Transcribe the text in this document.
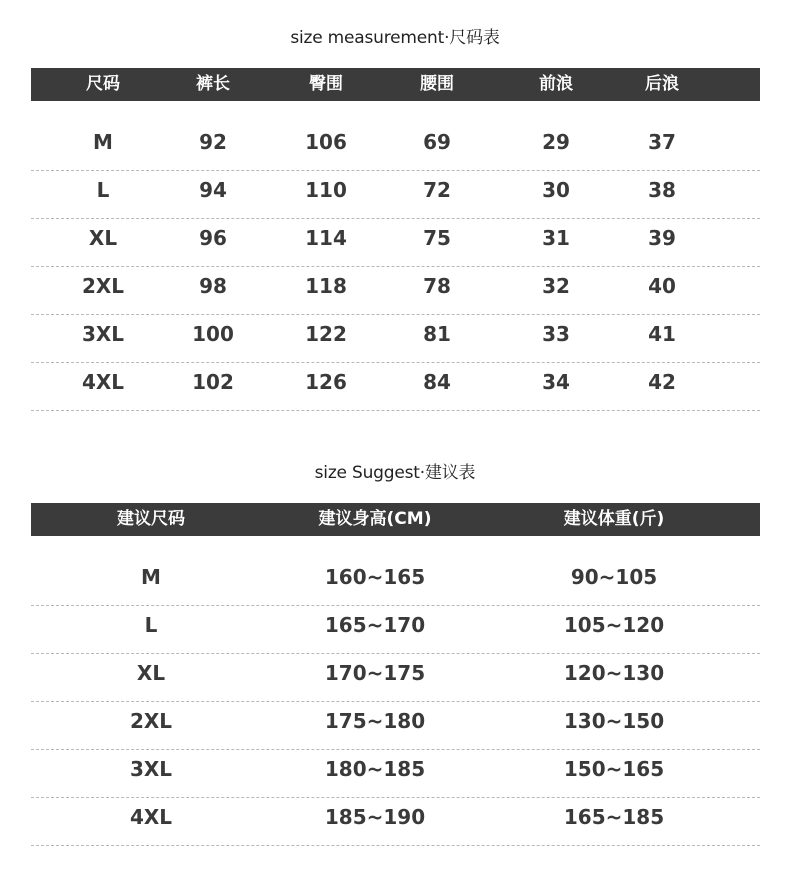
size measurement·尺码表
尺码	裤长	臀围	腰围	前浪	后浪
M	92	106	69	29	37
L	94	110	72	30	38
XL	96	114	75	31	39
2XL	98	118	78	32	40
3XL	100	122	81	33	41
4XL	102	126	84	34	42
size Suggest·建议表
建议尺码	建议身高(CM)	建议体重(斤)
M	160~165	90~105
L	165~170	105~120
XL	170~175	120~130
2XL	175~180	130~150
3XL	180~185	150~165
4XL	185~190	165~185
